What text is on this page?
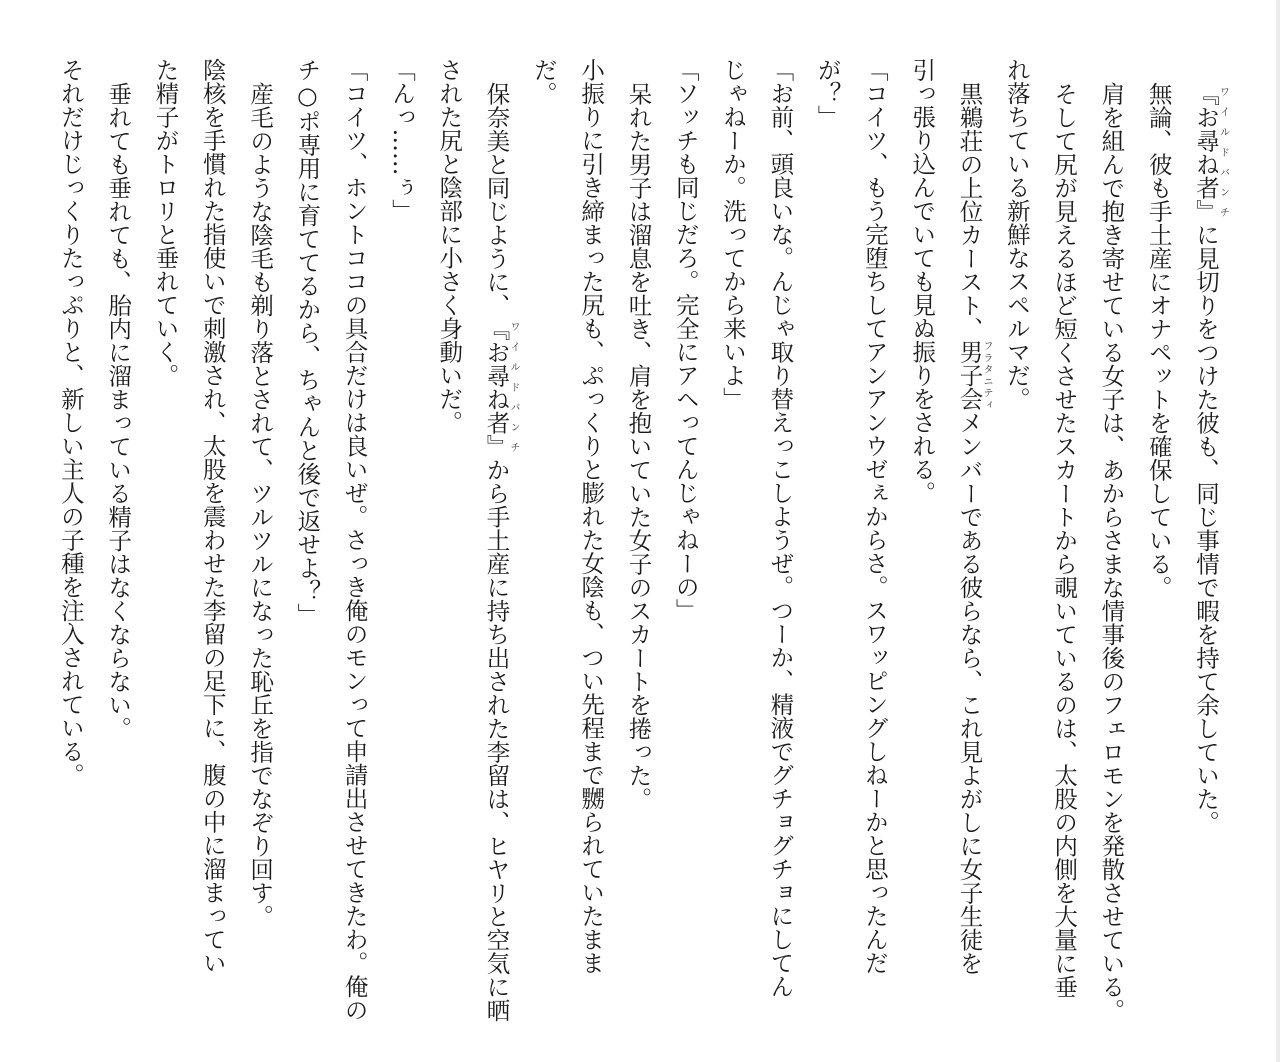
『お尋ね者』ワイルドバンチに見切りをつけた彼も、同じ事情で暇を持て余していた。
無論、彼も手土産にオナペットを確保している。
肩を組んで抱き寄せている女子は、あからさまな情事後のフェロモンを発散させている。
そして尻が見えるほど短くさせたスカートから覗いているのは、太股の内側を大量に垂
れ落ちている新鮮なスペルマだ。
黒鵜荘の上位カースト、男子会フラタニティメンバーである彼らなら、これ見よがしに女子生徒を
引っ張り込んでいても見ぬ振りをされる。
「コイツ、もう完堕ちしてアンアンウゼぇからさ。スワッピングしねーかと思ったんだ
が？」
「お前、頭良いな。んじゃ取り替えっこしようぜ。つーか、精液でグチョグチョにしてん
じゃねーか。洗ってから来いよ」
「ソッチも同じだろ。完全にアヘってんじゃねーの」
呆れた男子は溜息を吐き、肩を抱いていた女子のスカートを捲った。
小振りに引き締まった尻も、ぷっくりと膨れた女陰も、つい先程まで嬲られていたまま
だ。
保奈美と同じように、『お尋ね者』ワイルドバンチから手土産に持ち出された李留は、ヒヤリと空気に晒
された尻と陰部に小さく身動いだ。
「んっ……ぅ」
「コイツ、ホントココの具合だけは良いぜ。さっき俺のモンって申請出させてきたわ。俺の
チ○ポ専用に育ててるから、ちゃんと後で返せよ？」
産毛のような陰毛も剃り落とされて、ツルツルになった恥丘を指でなぞり回す。
陰核を手慣れた指使いで刺激され、太股を震わせた李留の足下に、腹の中に溜まってい
た精子がトロリと垂れていく。
垂れても垂れても、胎内に溜まっている精子はなくならない。
それだけじっくりたっぷりと、新しい主人の子種を注入されている。
